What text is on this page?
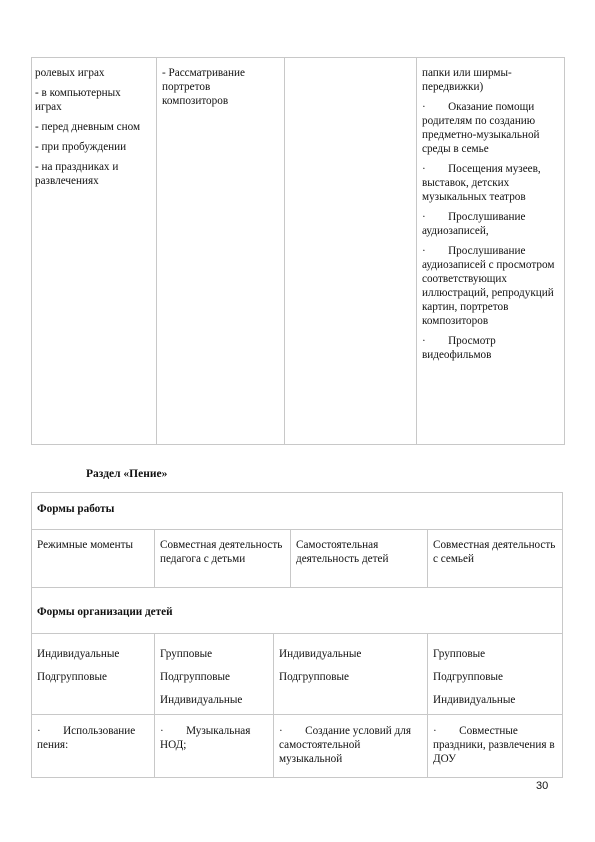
ролевых играх

- в компьютерных играх

- перед дневным сном

- при пробуждении

- на праздниках и развлечениях

- Рассматривание портретов композиторов

папки или ширмы-передвижки)

·        Оказание помощи родителям по созданию предметно-музыкальной среды в семье

·        Посещения музеев, выставок, детских музыкальных театров

·        Прослушивание аудиозаписей,

·        Прослушивание аудиозаписей с просмотром соответствующих иллюстраций, репродукций картин, портретов композиторов

·        Просмотр видеофильмов

Раздел «Пение»
Формы работы
Режимные моменты	Совместная деятельность педагога с детьми
Самостоятельная деятельность детей
Совместная деятельность с семьей
Формы организации детей
Индивидуальные
Подгрупповые
Групповые
Подгрупповые
Индивидуальные
Индивидуальные
Подгрупповые
Групповые
Подгрупповые
Индивидуальные
·        Использование пения:
·        Музыкальная НОД;
·        Создание условий для самостоятельной музыкальной
·        Совместные праздники, развлечения в ДОУ
30
